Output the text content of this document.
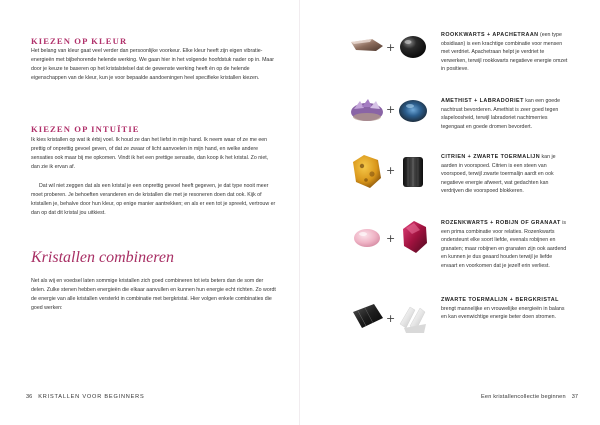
KIEZEN OP KLEUR

Het belang van kleur gaat veel verder dan persoonlijke voorkeur. Elke kleur heeft zijn eigen vibratie-energieën met bijbehorende helende werking. We gaan hier in het volgende hoofdstuk nader op in. Maar door je keuze te baseren op het kristalstelsel dat de gewenste werking heeft én op de helende eigenschappen van de kleur, kun je voor bepaalde aandoeningen heel specifieke kristallen kiezen.

KIEZEN OP INTUÏTIE

Ik kies kristallen op wat ik érbij voel. Ik houd ze dan het liefst in mijn hand. Ik neem waar of ze me een prettig of onprettig gevoel geven, of dat ze zwaar of licht aanvoelen in mijn hand, en welke andere sensaties ook maar bij me opkomen. Vindt ik het een prettige sensatie, dan koop ik het kristal. Zo niet, dan zie ik ervan af.

Dat wil niet zeggen dat als een kristal je een onprettig gevoel heeft gegeven, je dat type nooit meer moet proberen. Je behoeften veranderen en de kristallen die met je resoneren doen dat ook. Kijk of kristallen je, behalve door hun kleur, op enige manier aantrekken; en als er een tot je spreekt, vertrouw er dan op dat dit kristal jou uitkiest.

Kristallen combineren

Net als wij en voedsel laten sommige kristallen zich goed combineren tot iets beters dan de som der delen. Zulke stenen hebben energieën die elkaar aanvullen en kunnen hun energie echt richten. Zo wordt de energie van alle kristallen versterkt in combinatie met bergkristal. Hier volgen enkele combinaties die goed werken:

36 KRISTALLEN VOOR BEGINNERS
+
ROOKKWARTS + APACHETRAAN (een type obsidiaan) is een krachtige combinatie voor mensen met verdriet. Apachetraan helpt je verdriet te verwerken, terwijl rookkwarts negatieve energie omzet in positieve.
+
AMETHIST + LABRADORIET kan een goede nachtrust bevorderen. Amethist is zeer goed tegen slapeloosheid, terwijl labradoriet nachtmerries tegengaat en goede dromen bevordert.
+
CITRIEN + ZWARTE TOERMALIJN kan je aarden in voorspoed. Citrien is een steen van voorspoed, terwijl zwarte toermalijn aardt en ook negatieve energie afweert, wat gedachten kan verdrijven die voorspoed blokkeren.
+
ROZENKWARTS + ROBIJN OF GRANAAT is een prima combinatie voor relaties. Rozenkwarts ondersteunt elke soort liefde, evenals robijnen en granaten; maar robijnen en granaten zijn ook aardend en kunnen je dus geaard houden terwijl je liefde ervaart en voorkomen dat je jezelf erin verliest.
+
ZWARTE TOERMALIJN + BERGKRISTAL brengt mannelijke en vrouwelijke energieën in balans en kan evenwichtige energie beter doen stromen.
Een kristallencollectie beginnen 37
